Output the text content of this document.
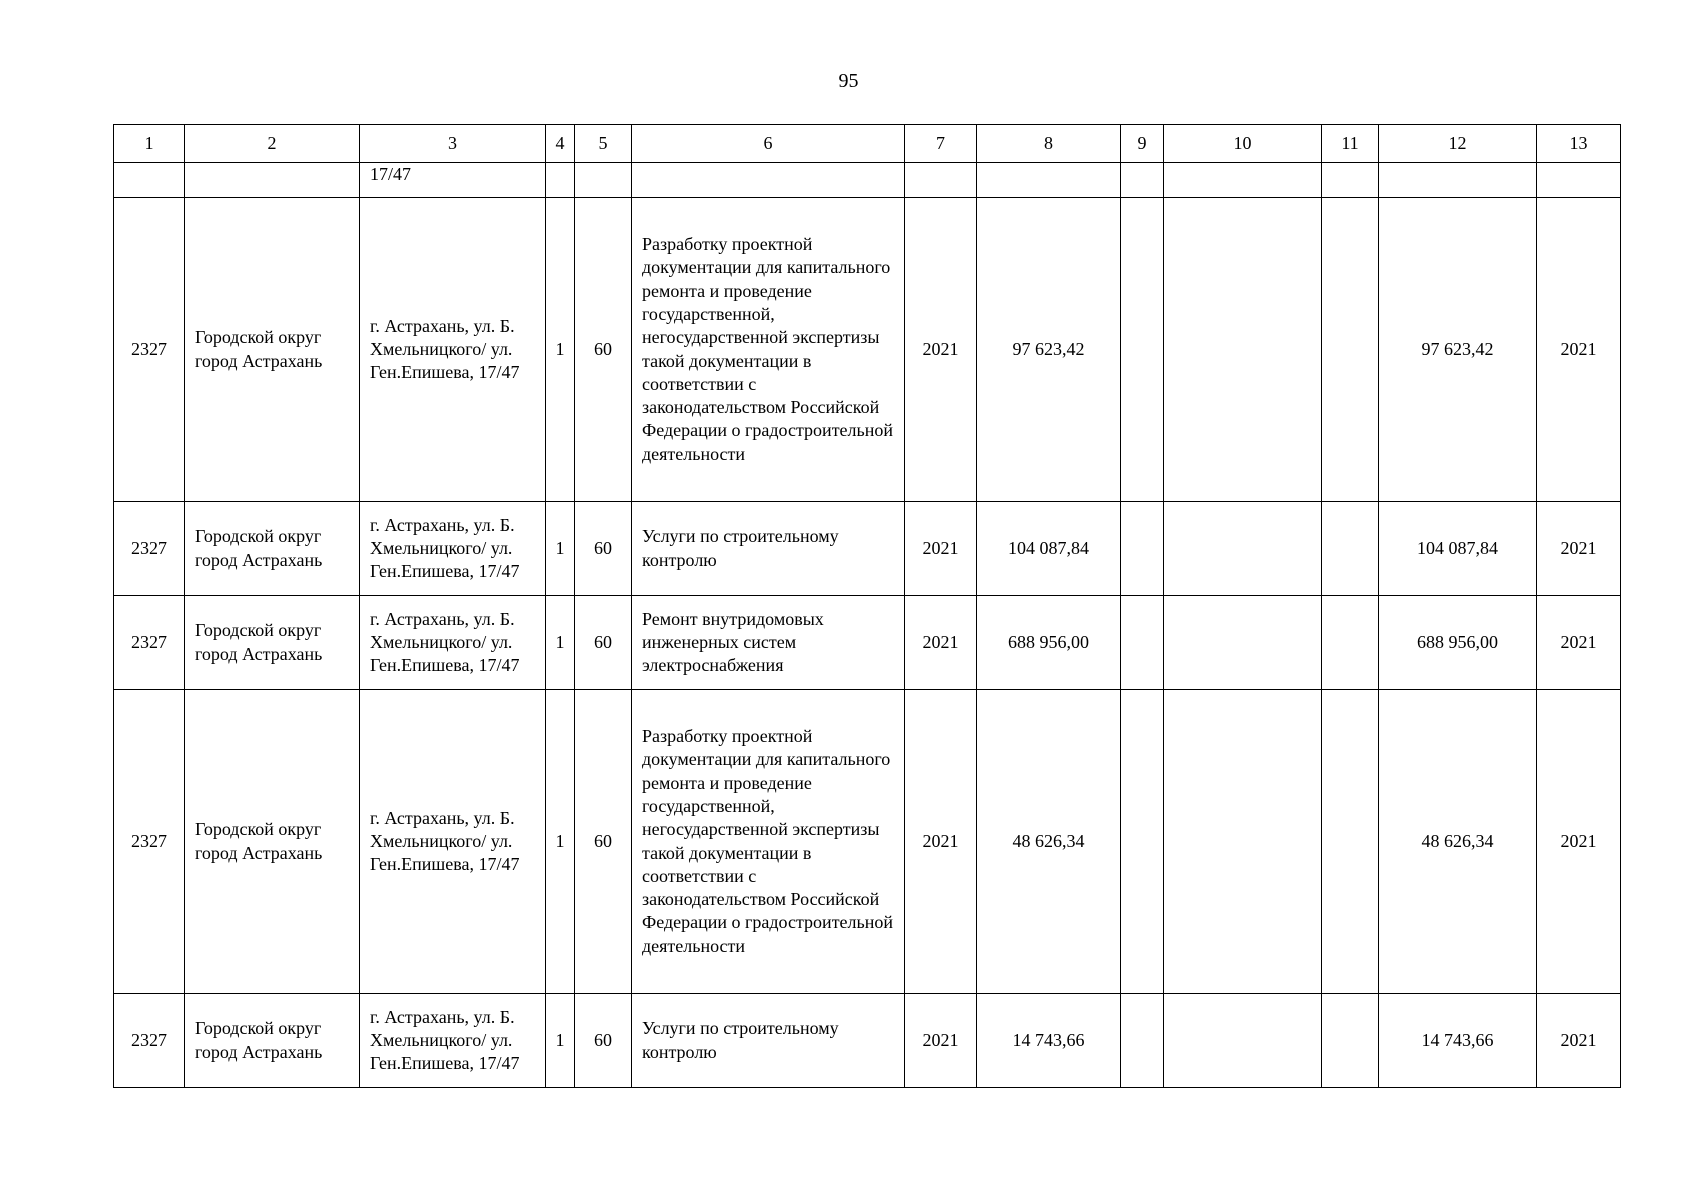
95
1	2	3	4	5	6	7	8	9	10	11	12	13
		17/47										
2327	Городской округ город Астрахань	г. Астрахань, ул. Б. Хмельницкого/ ул. Ген.Епишева, 17/47	1	60	Разработку проектной документации для капитального ремонта и проведение государственной, негосударственной экспертизы такой документации в соответствии с законодательством Российской Федерации о градостроительной деятельности	2021	97 623,42				97 623,42	2021
2327	Городской округ город Астрахань	г. Астрахань, ул. Б. Хмельницкого/ ул. Ген.Епишева, 17/47	1	60	Услуги по строительному контролю	2021	104 087,84				104 087,84	2021
2327	Городской округ город Астрахань	г. Астрахань, ул. Б. Хмельницкого/ ул. Ген.Епишева, 17/47	1	60	Ремонт внутридомовых инженерных систем электроснабжения	2021	688 956,00				688 956,00	2021
2327	Городской округ город Астрахань	г. Астрахань, ул. Б. Хмельницкого/ ул. Ген.Епишева, 17/47	1	60	Разработку проектной документации для капитального ремонта и проведение государственной, негосударственной экспертизы такой документации в соответствии с законодательством Российской Федерации о градостроительной деятельности	2021	48 626,34				48 626,34	2021
2327	Городской округ город Астрахань	г. Астрахань, ул. Б. Хмельницкого/ ул. Ген.Епишева, 17/47	1	60	Услуги по строительному контролю	2021	14 743,66				14 743,66	2021
